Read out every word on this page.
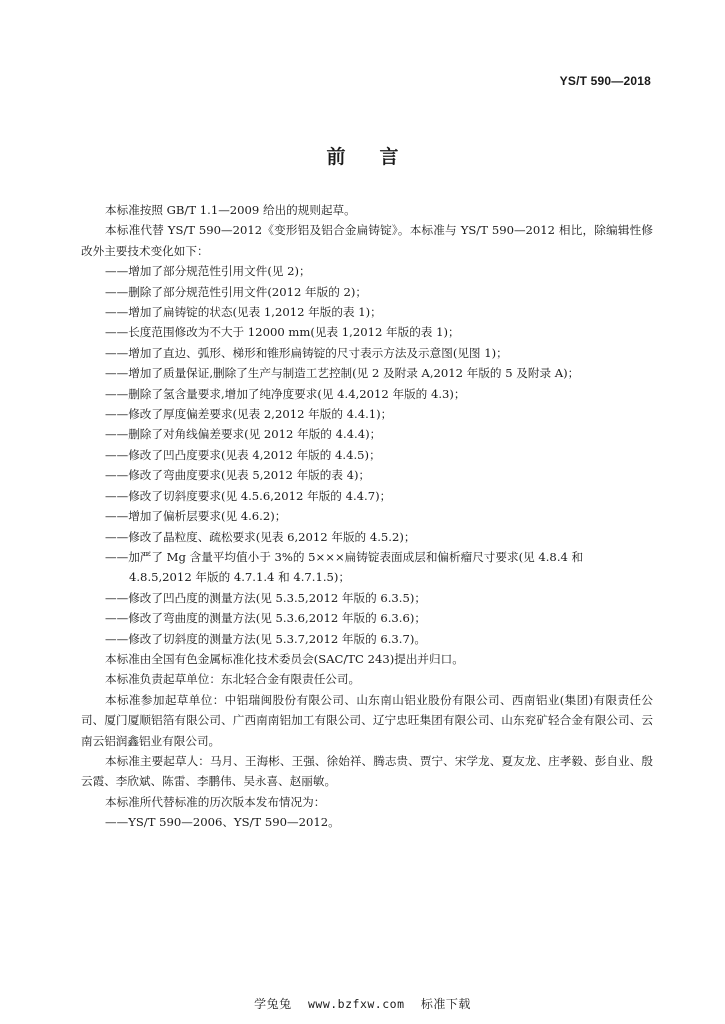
YS/T 590—2018
前言

本标准按照 GB/T 1.1—2009 给出的规则起草。

本标准代替 YS/T 590—2012《变形铝及铝合金扁铸锭》。本标准与 YS/T 590—2012 相比，除编辑性修改外主要技术变化如下：

——增加了部分规范性引用文件(见 2)；

——删除了部分规范性引用文件(2012 年版的 2)；

——增加了扁铸锭的状态(见表 1,2012 年版的表 1)；

——长度范围修改为不大于 12000 mm(见表 1,2012 年版的表 1)；

——增加了直边、弧形、梯形和锥形扁铸锭的尺寸表示方法及示意图(见图 1)；

——增加了质量保证,删除了生产与制造工艺控制(见 2 及附录 A,2012 年版的 5 及附录 A)；

——删除了氢含量要求,增加了纯净度要求(见 4.4,2012 年版的 4.3)；

——修改了厚度偏差要求(见表 2,2012 年版的 4.4.1)；

——删除了对角线偏差要求(见 2012 年版的 4.4.4)；

——修改了凹凸度要求(见表 4,2012 年版的 4.4.5)；

——修改了弯曲度要求(见表 5,2012 年版的表 4)；

——修改了切斜度要求(见 4.5.6,2012 年版的 4.4.7)；

——增加了偏析层要求(见 4.6.2)；

——修改了晶粒度、疏松要求(见表 6,2012 年版的 4.5.2)；

——加严了 Mg 含量平均值小于 3%的 5×××扁铸锭表面成层和偏析瘤尺寸要求(见 4.8.4 和
4.8.5,2012 年版的 4.7.1.4 和 4.7.1.5)；

——修改了凹凸度的测量方法(见 5.3.5,2012 年版的 6.3.5)；

——修改了弯曲度的测量方法(见 5.3.6,2012 年版的 6.3.6)；

——修改了切斜度的测量方法(见 5.3.7,2012 年版的 6.3.7)。

本标准由全国有色金属标准化技术委员会(SAC/TC 243)提出并归口。

本标准负责起草单位：东北轻合金有限责任公司。

本标准参加起草单位：中铝瑞闽股份有限公司、山东南山铝业股份有限公司、西南铝业(集团)有限责任公司、厦门厦顺铝箔有限公司、广西南南铝加工有限公司、辽宁忠旺集团有限公司、山东兖矿轻合金有限公司、云南云铝润鑫铝业有限公司。

本标准主要起草人：马月、王海彬、王强、徐始祥、腾志贵、贾宁、宋学龙、夏友龙、庄孝毅、彭自业、殷云霞、李欣斌、陈雷、李鹏伟、吴永喜、赵丽敏。

本标准所代替标准的历次版本发布情况为：

——YS/T 590—2006、YS/T 590—2012。

学兔兔 www.bzfxw.com 标准下载
